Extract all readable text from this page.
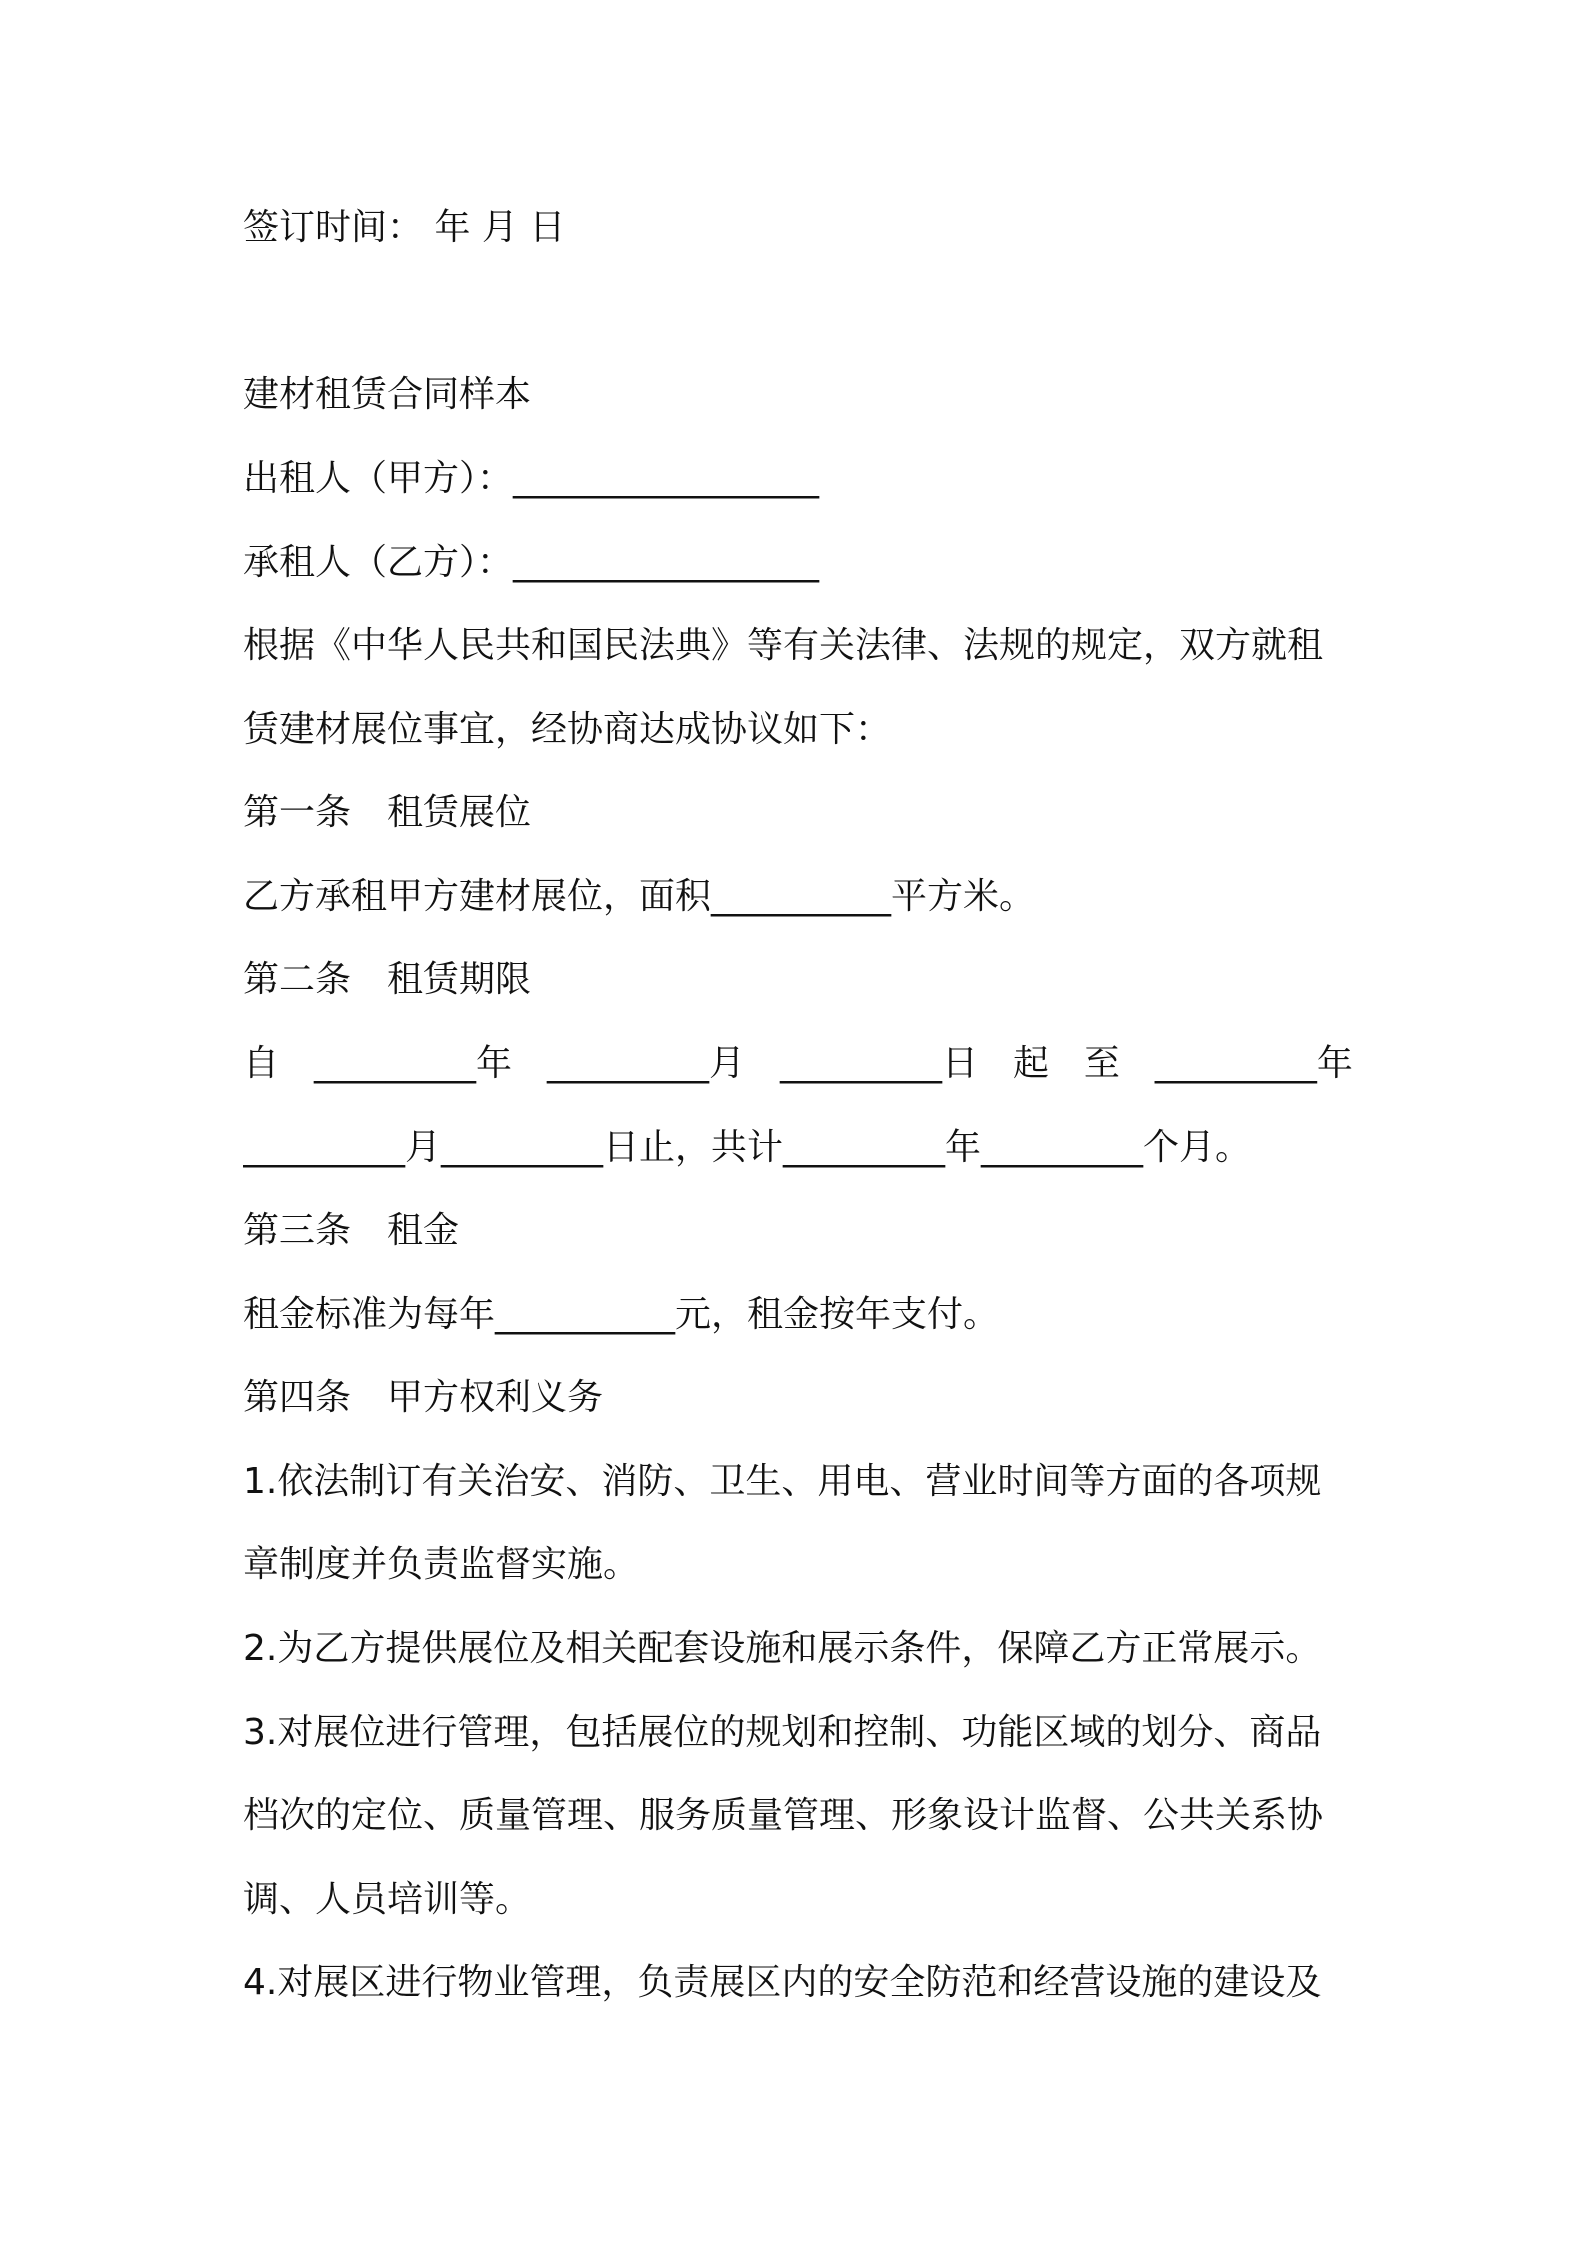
签订时间： 年 月 日
建材租赁合同样本
出租人（甲方）：_________________
承租人（乙方）：_________________
根据《中华人民共和国民法典》等有关法律、法规的规定，双方就租
赁建材展位事宜，经协商达成协议如下：
第一条　租赁展位
乙方承租甲方建材展位，面积__________平方米。
第二条　租赁期限
自 _________年 _________月 _________日 起 至 _________年
_________月_________日止，共计_________年_________个月。
第三条　租金
租金标准为每年__________元，租金按年支付。
第四条　甲方权利义务
1.依法制订有关治安、消防、卫生、用电、营业时间等方面的各项规
章制度并负责监督实施。
2.为乙方提供展位及相关配套设施和展示条件，保障乙方正常展示。
3.对展位进行管理，包括展位的规划和控制、功能区域的划分、商品
档次的定位、质量管理、服务质量管理、形象设计监督、公共关系协
调、人员培训等。
4.对展区进行物业管理，负责展区内的安全防范和经营设施的建设及
